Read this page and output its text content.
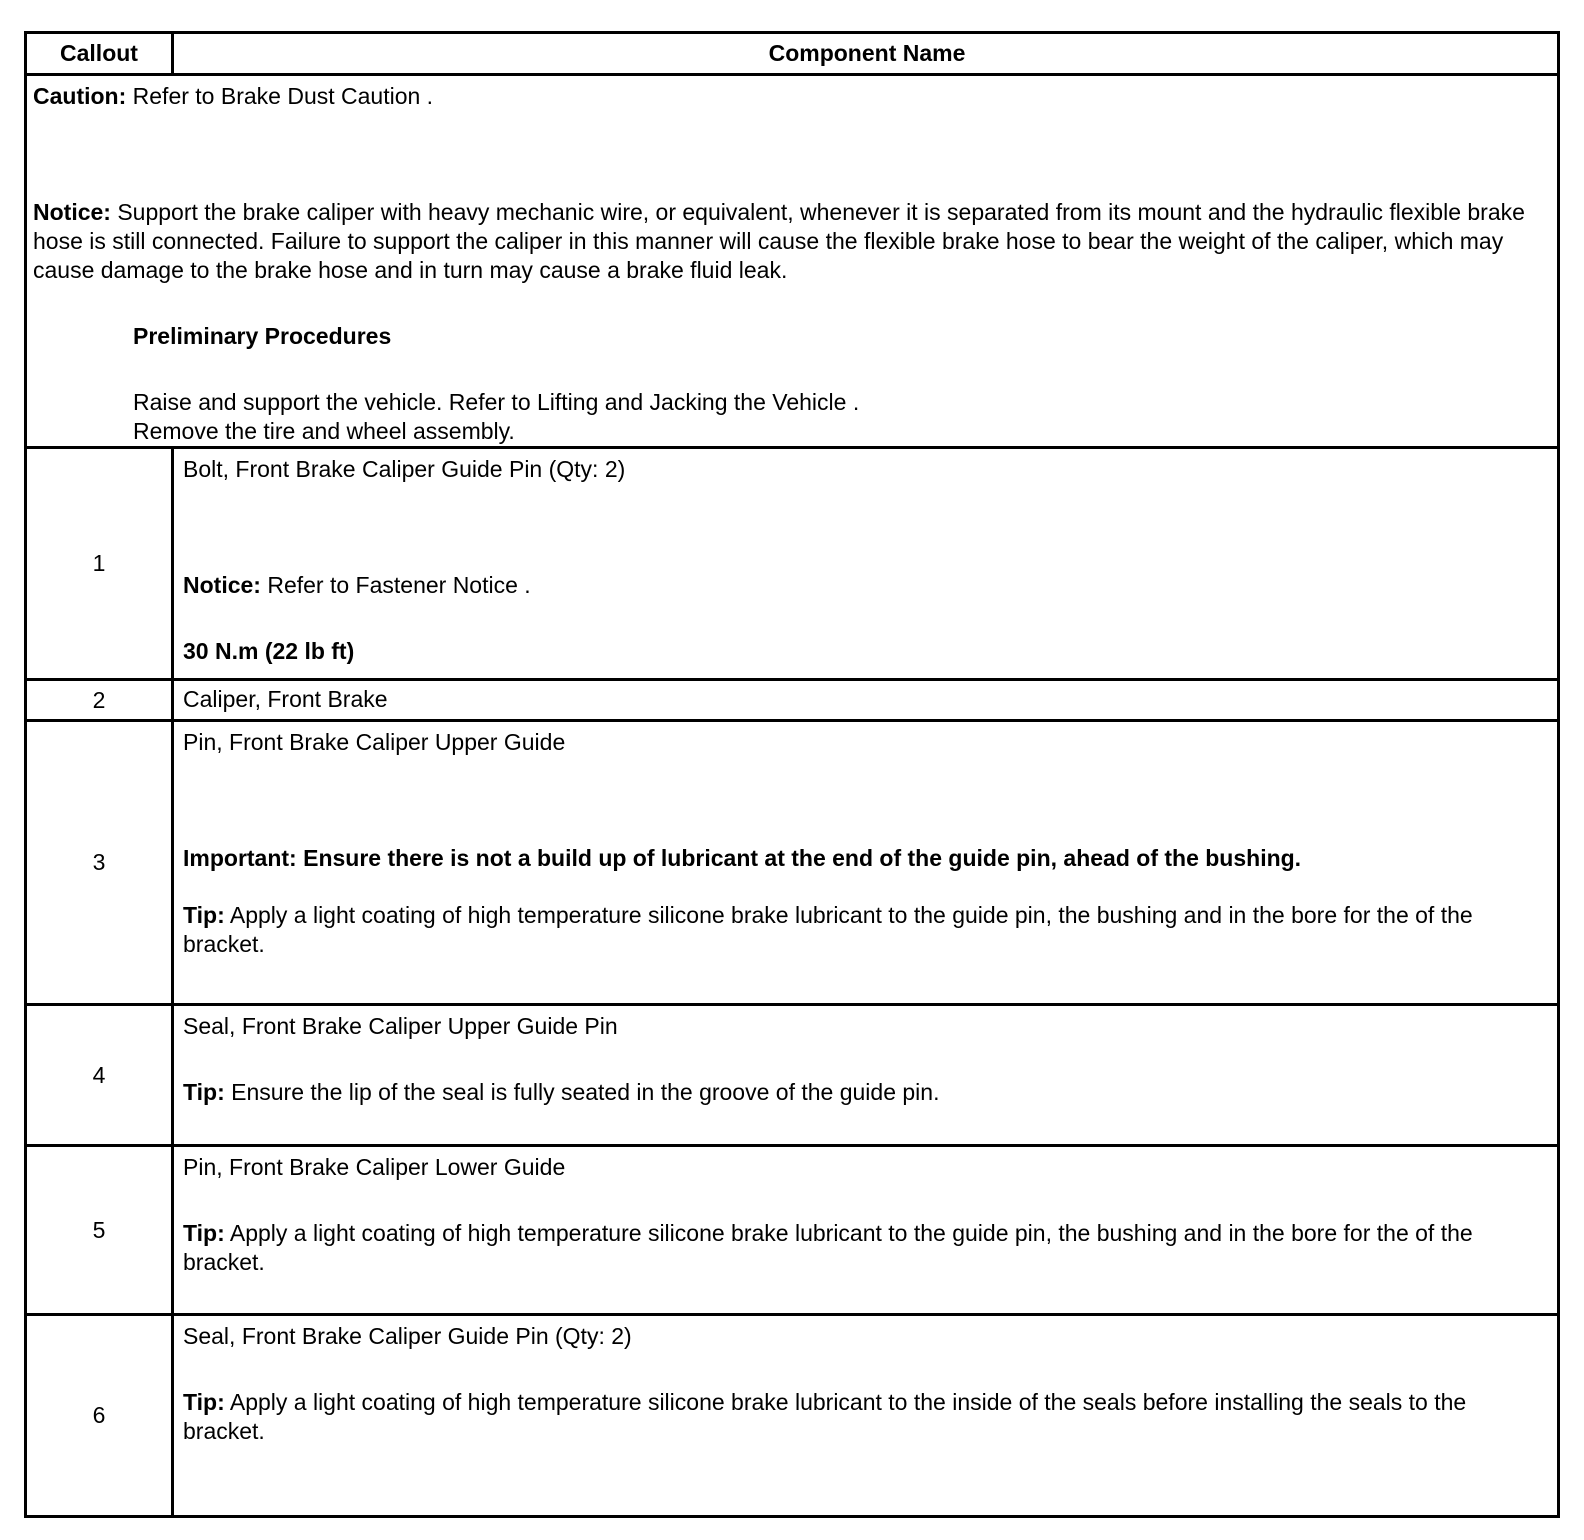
Callout	Component Name

Caution: Refer to Brake Dust Caution .

Notice: Support the brake caliper with heavy mechanic wire, or equivalent, whenever it is separated from its mount and the hydraulic flexible brake hose is still connected. Failure to support the caliper in this manner will cause the flexible brake hose to bear the weight of the caliper, which may cause damage to the brake hose and in turn may cause a brake fluid leak.

Preliminary Procedures

Raise and support the vehicle. Refer to Lifting and Jacking the Vehicle .

Remove the tire and wheel assembly.

1

Bolt, Front Brake Caliper Guide Pin (Qty: 2)

Notice: Refer to Fastener Notice .

30 N.m (22 lb ft)

2	Caliper, Front Brake

3

Pin, Front Brake Caliper Upper Guide

Important: Ensure there is not a build up of lubricant at the end of the guide pin, ahead of the bushing.

Tip: Apply a light coating of high temperature silicone brake lubricant to the guide pin, the bushing and in the bore for the of the bracket.

4

Seal, Front Brake Caliper Upper Guide Pin

Tip: Ensure the lip of the seal is fully seated in the groove of the guide pin.

5

Pin, Front Brake Caliper Lower Guide

Tip: Apply a light coating of high temperature silicone brake lubricant to the guide pin, the bushing and in the bore for the of the bracket.

6

Seal, Front Brake Caliper Guide Pin (Qty: 2)

Tip: Apply a light coating of high temperature silicone brake lubricant to the inside of the seals before installing the seals to the bracket.
